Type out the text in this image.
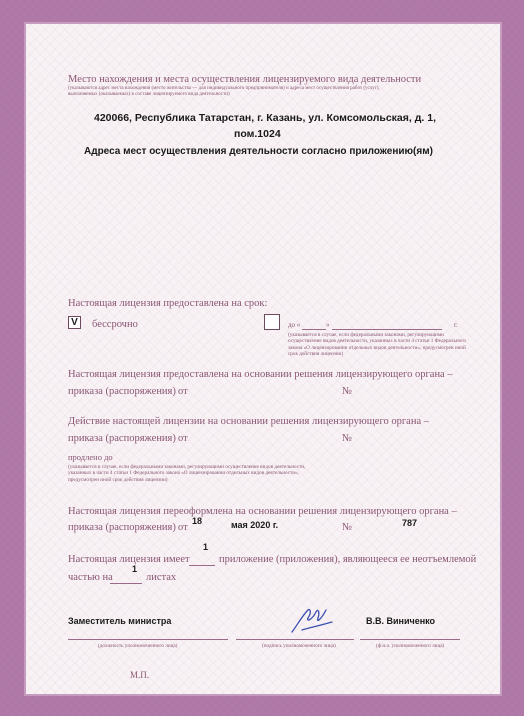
Место нахождения и места осуществления лицензируемого вида деятельности
(указываются адрес места нахождения (место жительства — для индивидуального предпринимателя) и адреса мест осуществления работ (услуг),
выполняемых (оказываемых) в составе лицензируемого вида деятельности)
420066, Республика Татарстан, г. Казань, ул. Комсомольская, д. 1,
пом.1024
Адреса мест осуществления деятельности согласно приложению(ям)
Настоящая лицензия предоставлена на срок:
V	бессрочно	до «	»	г.
(указывается в случае, если федеральными законами, регулирующими осуществление видов деятельности, указанных в части 4 статьи 1 Федерального закона «О лицензировании отдельных видов деятельности», предусмотрен иной срок действия лицензии)
Настоящая лицензия предоставлена на основании решения лицензирующего органа –
приказа (распоряжения) от	№
Действие настоящей лицензии на основании решения лицензирующего органа –
приказа (распоряжения) от	№
продлено до
(указывается в случае, если федеральными законами, регулирующими осуществление видов деятельности, указанных в части 4 статьи 1 Федерального закона «О лицензировании отдельных видов деятельности», предусмотрен иной срок действия лицензии)
Настоящая лицензия переоформлена на основании решения лицензирующего органа –
приказа (распоряжения) от
18	мая 2020 г.	№	787
1
Настоящая лицензия имеет	приложение (приложения), являющееся ее неотъемлемой
1
частью на	листах
Заместитель министра
(должность уполномоченного лица)	(подпись уполномоченного лица)
В.В. Виниченко
(ф.и.о. уполномоченного лица)
М.П.
